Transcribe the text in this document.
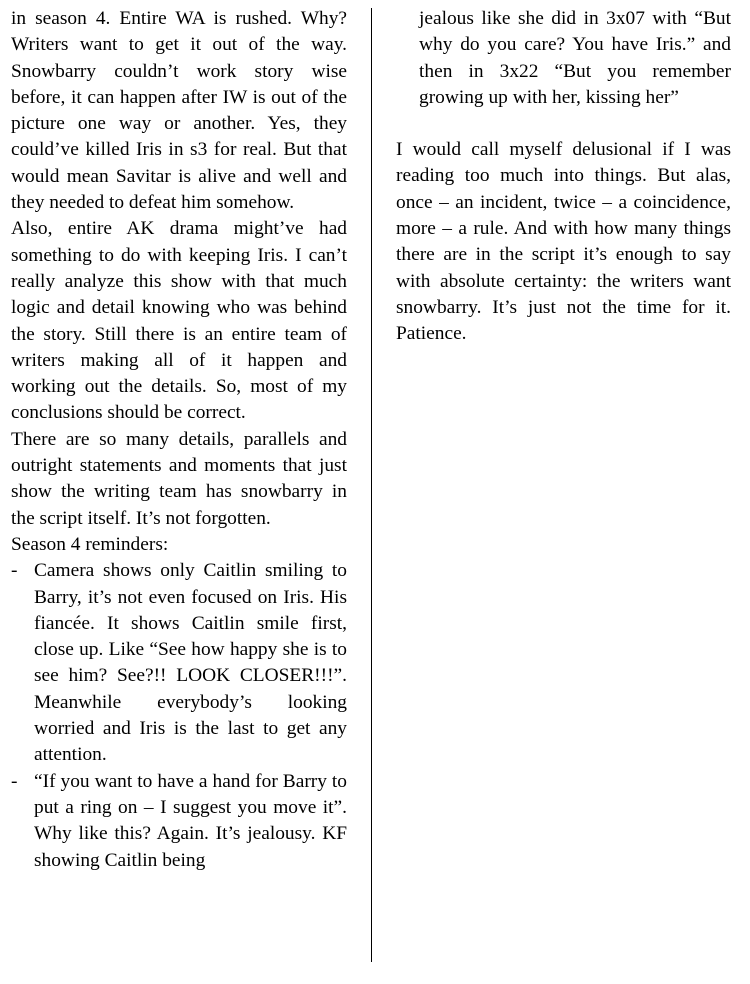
in season 4. Entire WA is rushed. Why? Writers want to get it out of the way. Snowbarry couldn’t work story wise before, it can happen after IW is out of the picture one way or another. Yes, they could’ve killed Iris in s3 for real. But that would mean Savitar is alive and well and they needed to defeat him somehow.

Also, entire AK drama might’ve had something to do with keeping Iris. I can’t really analyze this show with that much logic and detail knowing who was behind the story. Still there is an entire team of writers making all of it happen and working out the details. So, most of my conclusions should be correct.

There are so many details, parallels and outright statements and moments that just show the writing team has snowbarry in the script itself. It’s not forgotten.

Season 4 reminders:

- Camera shows only Caitlin smiling to Barry, it’s not even focused on Iris. His fiancée. It shows Caitlin smile first, close up. Like “See how happy she is to see him? See?!! LOOK CLOSER!!!”. Meanwhile everybody’s looking worried and Iris is the last to get any attention.
- “If you want to have a hand for Barry to put a ring on – I suggest you move it”. Why like this? Again. It’s jealousy. KF showing Caitlin being

jealous like she did in 3x07 with “But why do you care? You have Iris.” and then in 3x22 “But you remember growing up with her, kissing her”

I would call myself delusional if I was reading too much into things. But alas, once – an incident, twice – a coincidence, more – a rule. And with how many things there are in the script it’s enough to say with absolute certainty: the writers want snowbarry. It’s just not the time for it. Patience.
